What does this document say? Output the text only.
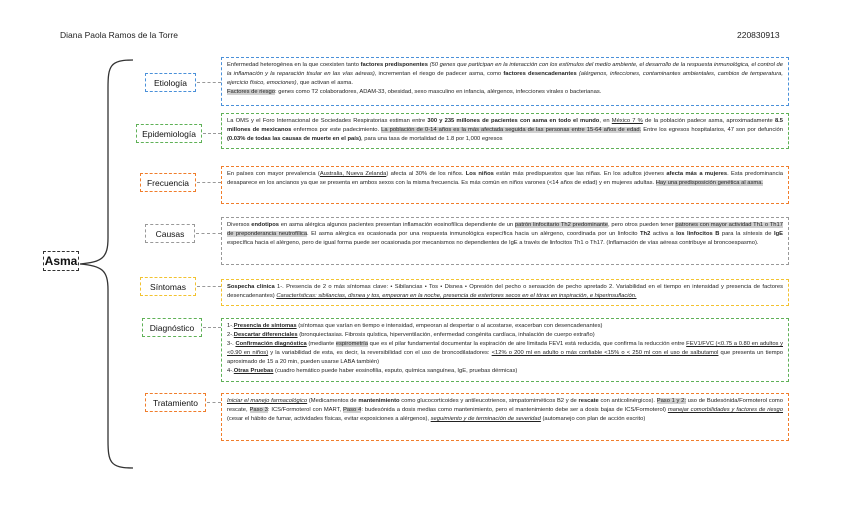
Diana Paola Ramos de la Torre	220830913
Asma
Etiología

Enfermedad heterogénea en la que coexisten tanto factores predisponentes (50 genes que participan en la interacción con los estímulos del medio ambiente, el desarrollo de la respuesta inmunológica, el control de la inflamación y la reparación tisular en las vías aéreas), incrementan el riesgo de padecer asma, como factores desencadenantes (alérgenos, infecciones, contaminantes ambientales, cambios de temperatura, ejercicio físico, emociones), que activan el asma.
Factores de riesgo: genes como T2 colaboradores, ADAM-33, obesidad, sexo masculino en infancia, alérgenos, infecciones virales o bacterianas.

Epidemiología

La OMS y el Foro Internacional de Sociedades Respiratorias estiman entre 300 y 235 millones de pacientes con asma en todo el mundo, en México 7 % de la población padece asma, aproximadamente 8.5 millones de mexicanos enfermos por este padecimiento. La población de 0-14 años es la más afectada seguida de las personas entre 15-64 años de edad. Entre los egresos hospitalarios, 47 son por defunción (0.03% de todas las causas de muerte en el país), para una tasa de mortalidad de 1.8 por 1,000 egresos

Frecuencia

En países con mayor prevalencia (Australia, Nueva Zelanda) afecta al 30% de los niños. Los niños están más predispuestos que las niñas. En los adultos jóvenes afecta más a mujeres. Esta predominancia desaparece en los ancianos ya que se presenta en ambos sexos con la misma frecuencia. Es más común en niños varones (<14 años de edad) y en mujeres adultas. Hay una predisposición genética al asma.

Causas

Diversos endotipos en asma alérgica algunos pacientes presentan inflamación eosinofílica dependiente de un patrón linfocitario Th2 predominante, pero otros pueden tener patrones con mayor actividad Th1 o Th17 de preponderancia neutrofílica. El asma alérgica es ocasionada por una respuesta inmunológica específica hacia un alérgeno, coordinada por un linfocito Th2 activa a los linfocitos B para la síntesis de IgE específica hacia el alérgeno, pero de igual forma puede ser ocasionada por mecanismos no dependientes de IgE a través de linfocitos Th1 o Th17. (Inflamación de vías aéreas contribuye al broncoespasmo).

Síntomas	Sospecha clínica 1-. Presencia de 2 o más síntomas clave: • Sibilancias • Tos • Disnea • Opresión del pecho o sensación de pecho apretado 2. Variabilidad en el tiempo en intensidad y presencia de factores desencadenantes) Características: sibilancias, disnea y tos, empeoran en la noche, presencia de estertores secos en el tórax en inspiración, e hiperinsuflación.

Diagnóstico	1-.Presencia de síntomas (síntomas que varían en tiempo e intensidad, empeoran al despertar o al acostarse, exacerban con desencadenantes)

2-.Descartar diferenciales (bronquiectasias. Fibrosis quística, hiperventilación, enfermedad congénita cardíaca, inhalación de cuerpo extraño)

3-. Confirmación diagnóstica (mediante espirometría que es el pilar fundamental documentar la espiración de aire limitada FEV1 está reducida, que confirma la reducción entre FEV1/FVC (<0.75 a 0.80 en adultos y <0.90 en niños) y la variabilidad de esta, es decir, la reversibilidad con el uso de broncodilatadores: <12% o 200 ml en adulto o más confiable <15% o < 250 ml con el uso de salbutamol que presenta un tiempo aproximado de 15 a 20 min, pueden usarse LABA también)

4-.Otras Pruebas (cuadro hemático puede haber eosinofilia, esputo, química sanguínea, IgE, pruebas dérmicas)

Tratamiento	Iniciar el manejo farmacológico (Medicamentos de mantenimiento como glucocorticoides y antileucotrienos, simpatomiméticos B2 y de rescate con anticolinérgicos). Paso 1 y 2: uso de Budesónida/Formoterol como rescate, Paso 3: ICS/Formoterol con MART, Paso 4: budesónida a dosis medias como mantenimiento, pero el mantenimiento debe ser a dosis bajas de ICS/Formoterol) manejar comorbilidades y factores de riesgo (cesar el hábito de fumar, actividades físicas, evitar exposiciones a alérgenos), seguimiento y de terminación de severidad (automanejo con plan de acción escrito)
